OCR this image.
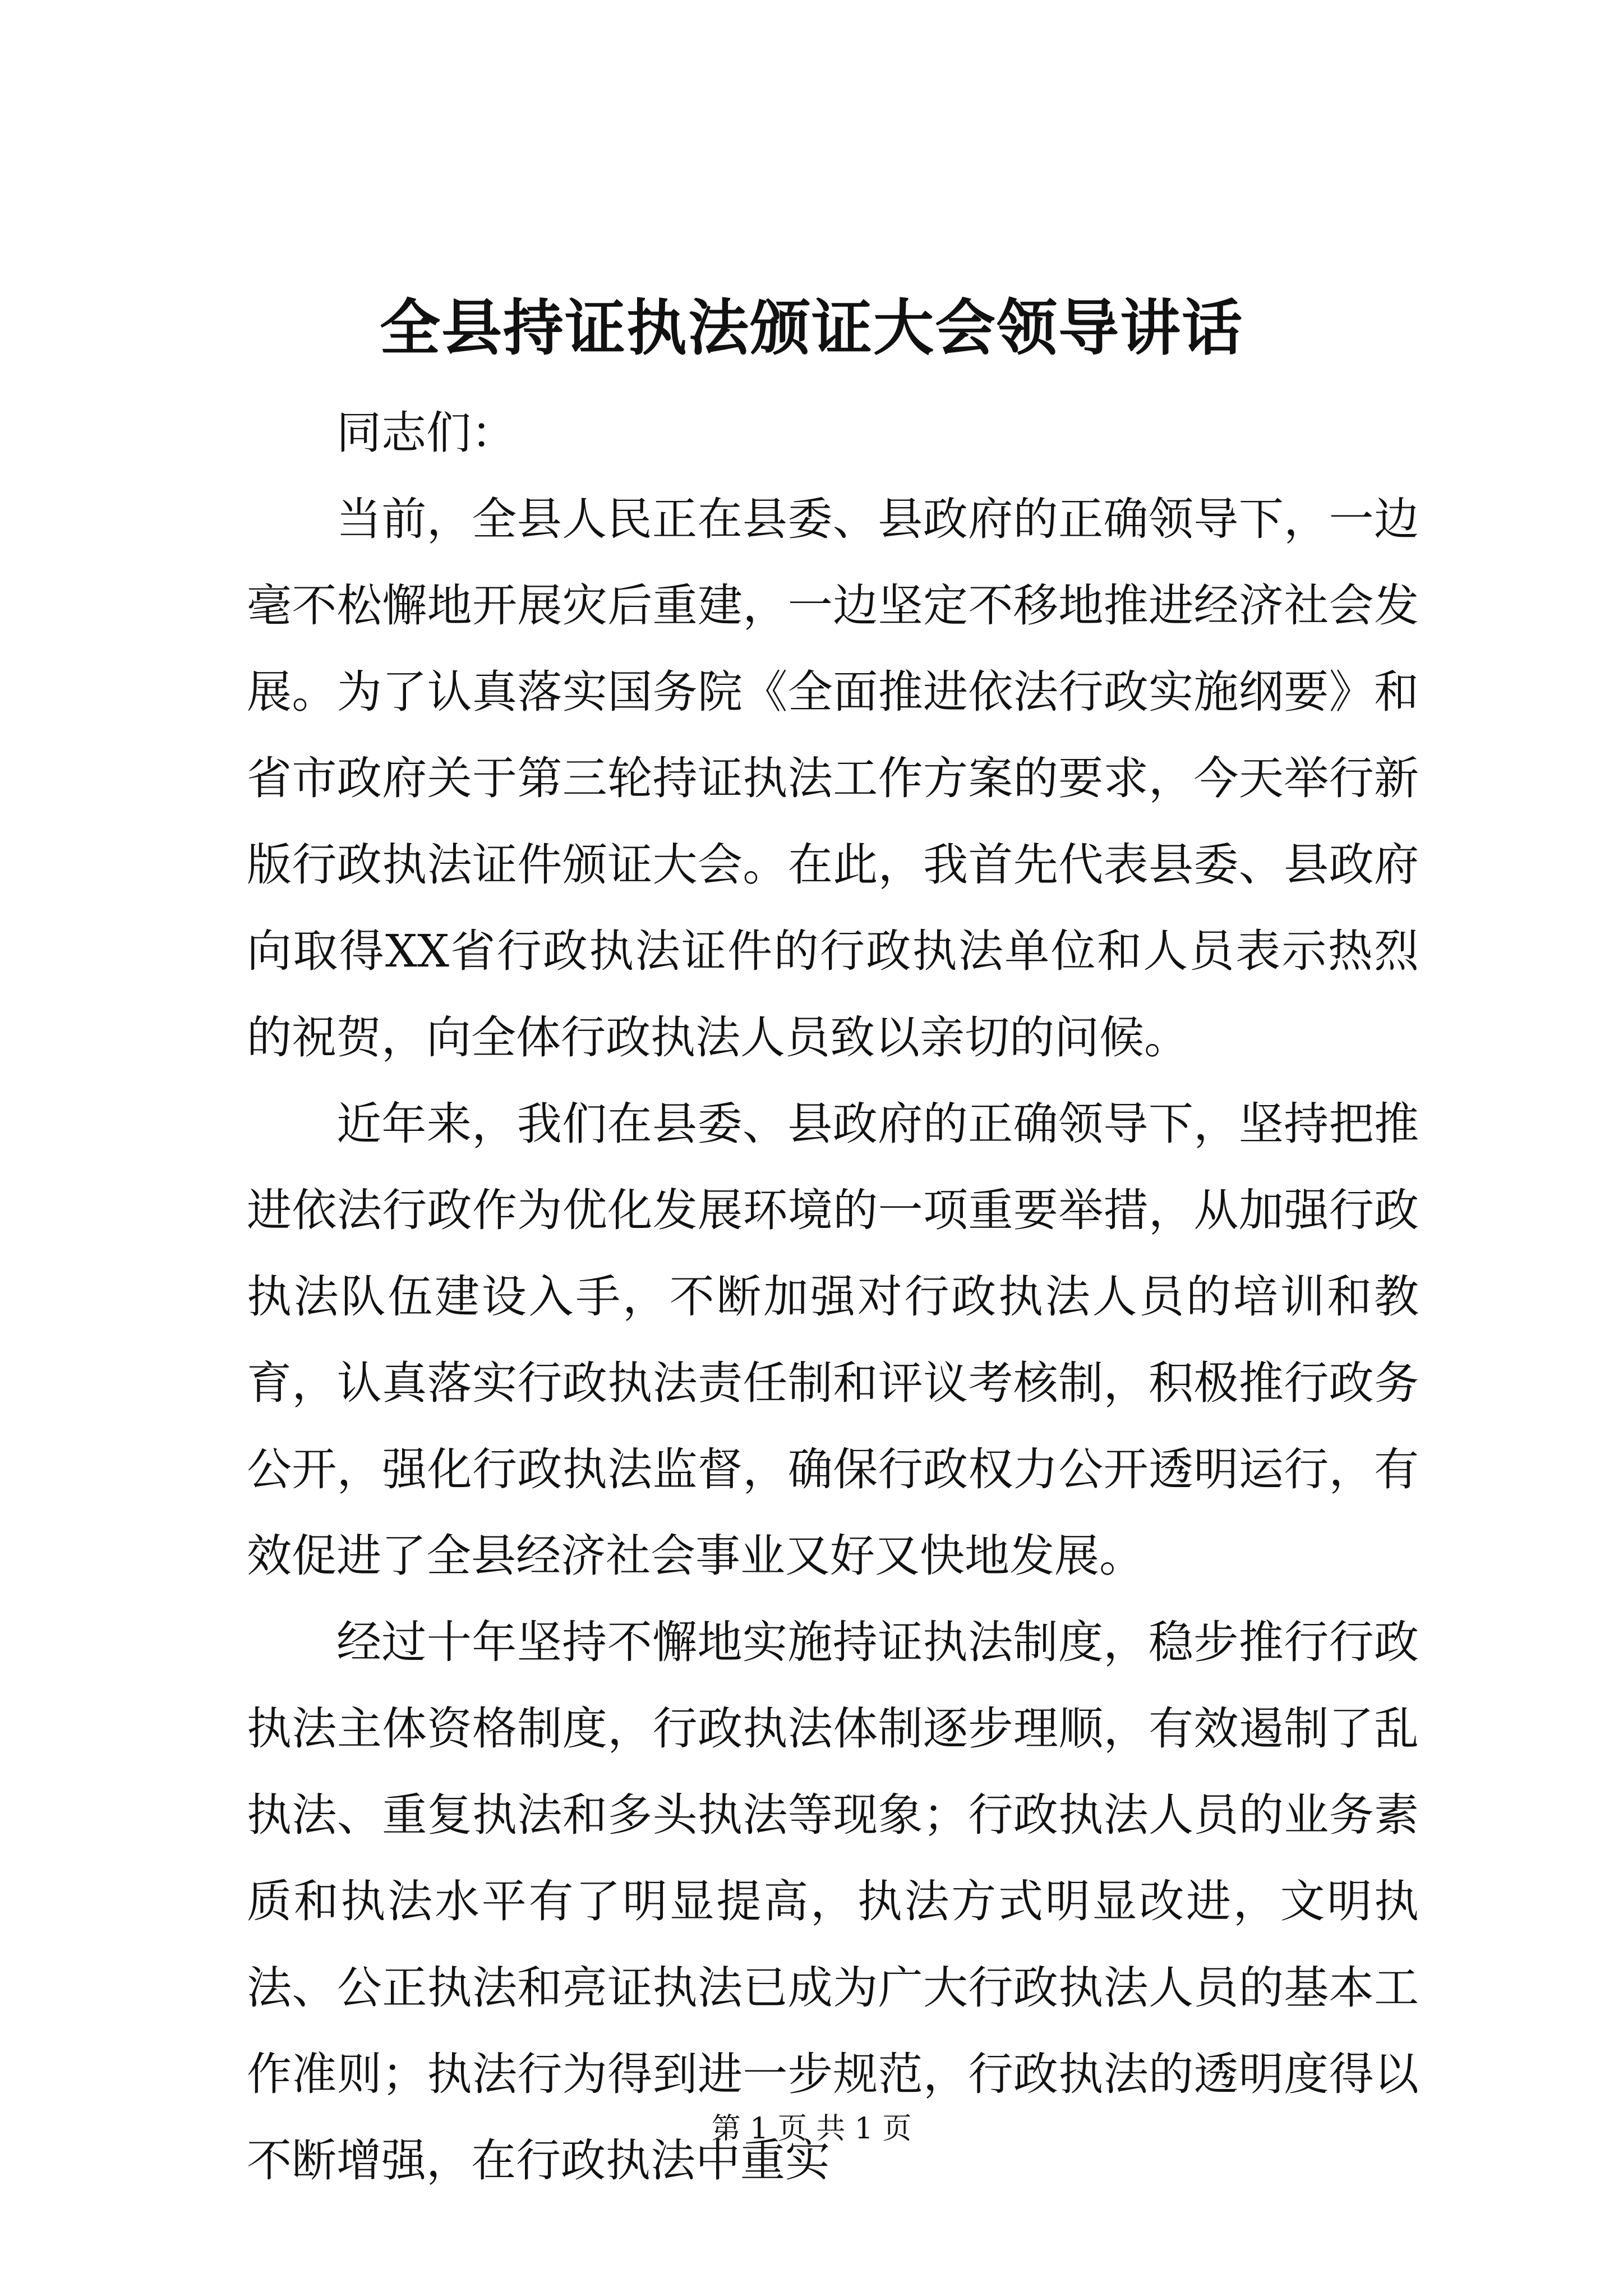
全县持证执法颁证大会领导讲话

同志们：

当前，全县人民正在县委、县政府的正确领导下，一边毫不松懈地开展灾后重建，一边坚定不移地推进经济社会发展。为了认真落实国务院《全面推进依法行政实施纲要》和省市政府关于第三轮持证执法工作方案的要求，今天举行新版行政执法证件颁证大会。在此，我首先代表县委、县政府向取得XX省行政执法证件的行政执法单位和人员表示热烈的祝贺，向全体行政执法人员致以亲切的问候。

近年来，我们在县委、县政府的正确领导下，坚持把推进依法行政作为优化发展环境的一项重要举措，从加强行政执法队伍建设入手，不断加强对行政执法人员的培训和教育，认真落实行政执法责任制和评议考核制，积极推行政务公开，强化行政执法监督，确保行政权力公开透明运行，有效促进了全县经济社会事业又好又快地发展。

经过十年坚持不懈地实施持证执法制度，稳步推行行政执法主体资格制度，行政执法体制逐步理顺，有效遏制了乱执法、重复执法和多头执法等现象；行政执法人员的业务素质和执法水平有了明显提高，执法方式明显改进，文明执法、公正执法和亮证执法已成为广大行政执法人员的基本工作准则；执法行为得到进一步规范，行政执法的透明度得以不断增强，在行政执法中重实

第 1 页 共 1 页
